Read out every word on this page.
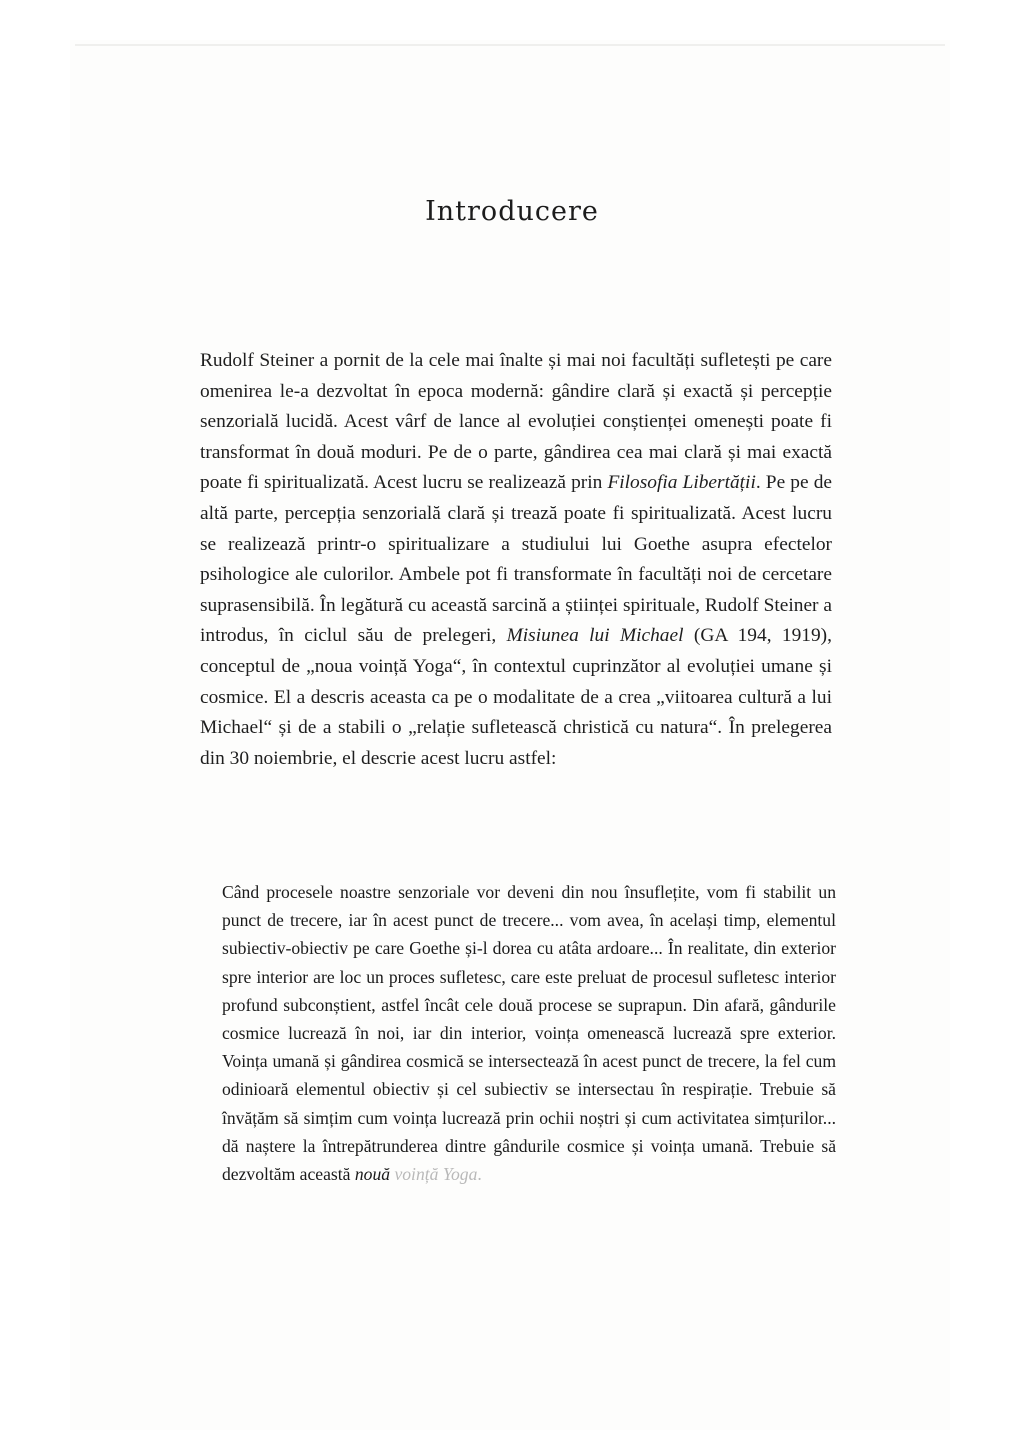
Introducere

Rudolf Steiner a pornit de la cele mai înalte și mai noi facultăți sufletești pe care omenirea le-a dezvoltat în epoca modernă: gândire clară și exactă și percepție senzorială lucidă. Acest vârf de lance al evoluției conștienței omenești poate fi transformat în două moduri. Pe de o parte, gândirea cea mai clară și mai exactă poate fi spiritualizată. Acest lucru se realizează prin Filosofia Libertății. Pe pe de altă parte, percepția senzorială clară și trează poate fi spiritualizată. Acest lucru se realizează printr-o spiritualizare a studiului lui Goethe asupra efectelor psihologice ale culorilor. Ambele pot fi transformate în facultăți noi de cercetare suprasensibilă. În legătură cu această sarcină a științei spirituale, Rudolf Steiner a introdus, în ciclul său de prelegeri, Misiunea lui Michael (GA 194, 1919), conceptul de „noua voință Yoga“, în contextul cuprinzător al evoluției umane și cosmice. El a descris aceasta ca pe o modalitate de a crea „viitoarea cultură a lui Michael“ și de a stabili o „relație sufletească christică cu natura“. În prelegerea din 30 noiembrie, el descrie acest lucru astfel:

Când procesele noastre senzoriale vor deveni din nou însuflețite, vom fi stabilit un punct de trecere, iar în acest punct de trecere... vom avea, în același timp, elementul subiectiv-obiectiv pe care Goethe și-l dorea cu atâta ardoare... În realitate, din exterior spre interior are loc un proces sufletesc, care este preluat de procesul sufletesc interior profund subconștient, astfel încât cele două procese se suprapun. Din afară, gândurile cosmice lucrează în noi, iar din interior, voința omenească lucrează spre exterior. Voința umană și gândirea cosmică se intersectează în acest punct de trecere, la fel cum odinioară elementul obiectiv și cel subiectiv se intersectau în respirație. Trebuie să învățăm să simțim cum voința lucrează prin ochii noștri și cum activitatea simțurilor... dă naștere la întrepătrunderea dintre gândurile cosmice și voința umană. Trebuie să dezvoltăm această nouă voință Yoga.
